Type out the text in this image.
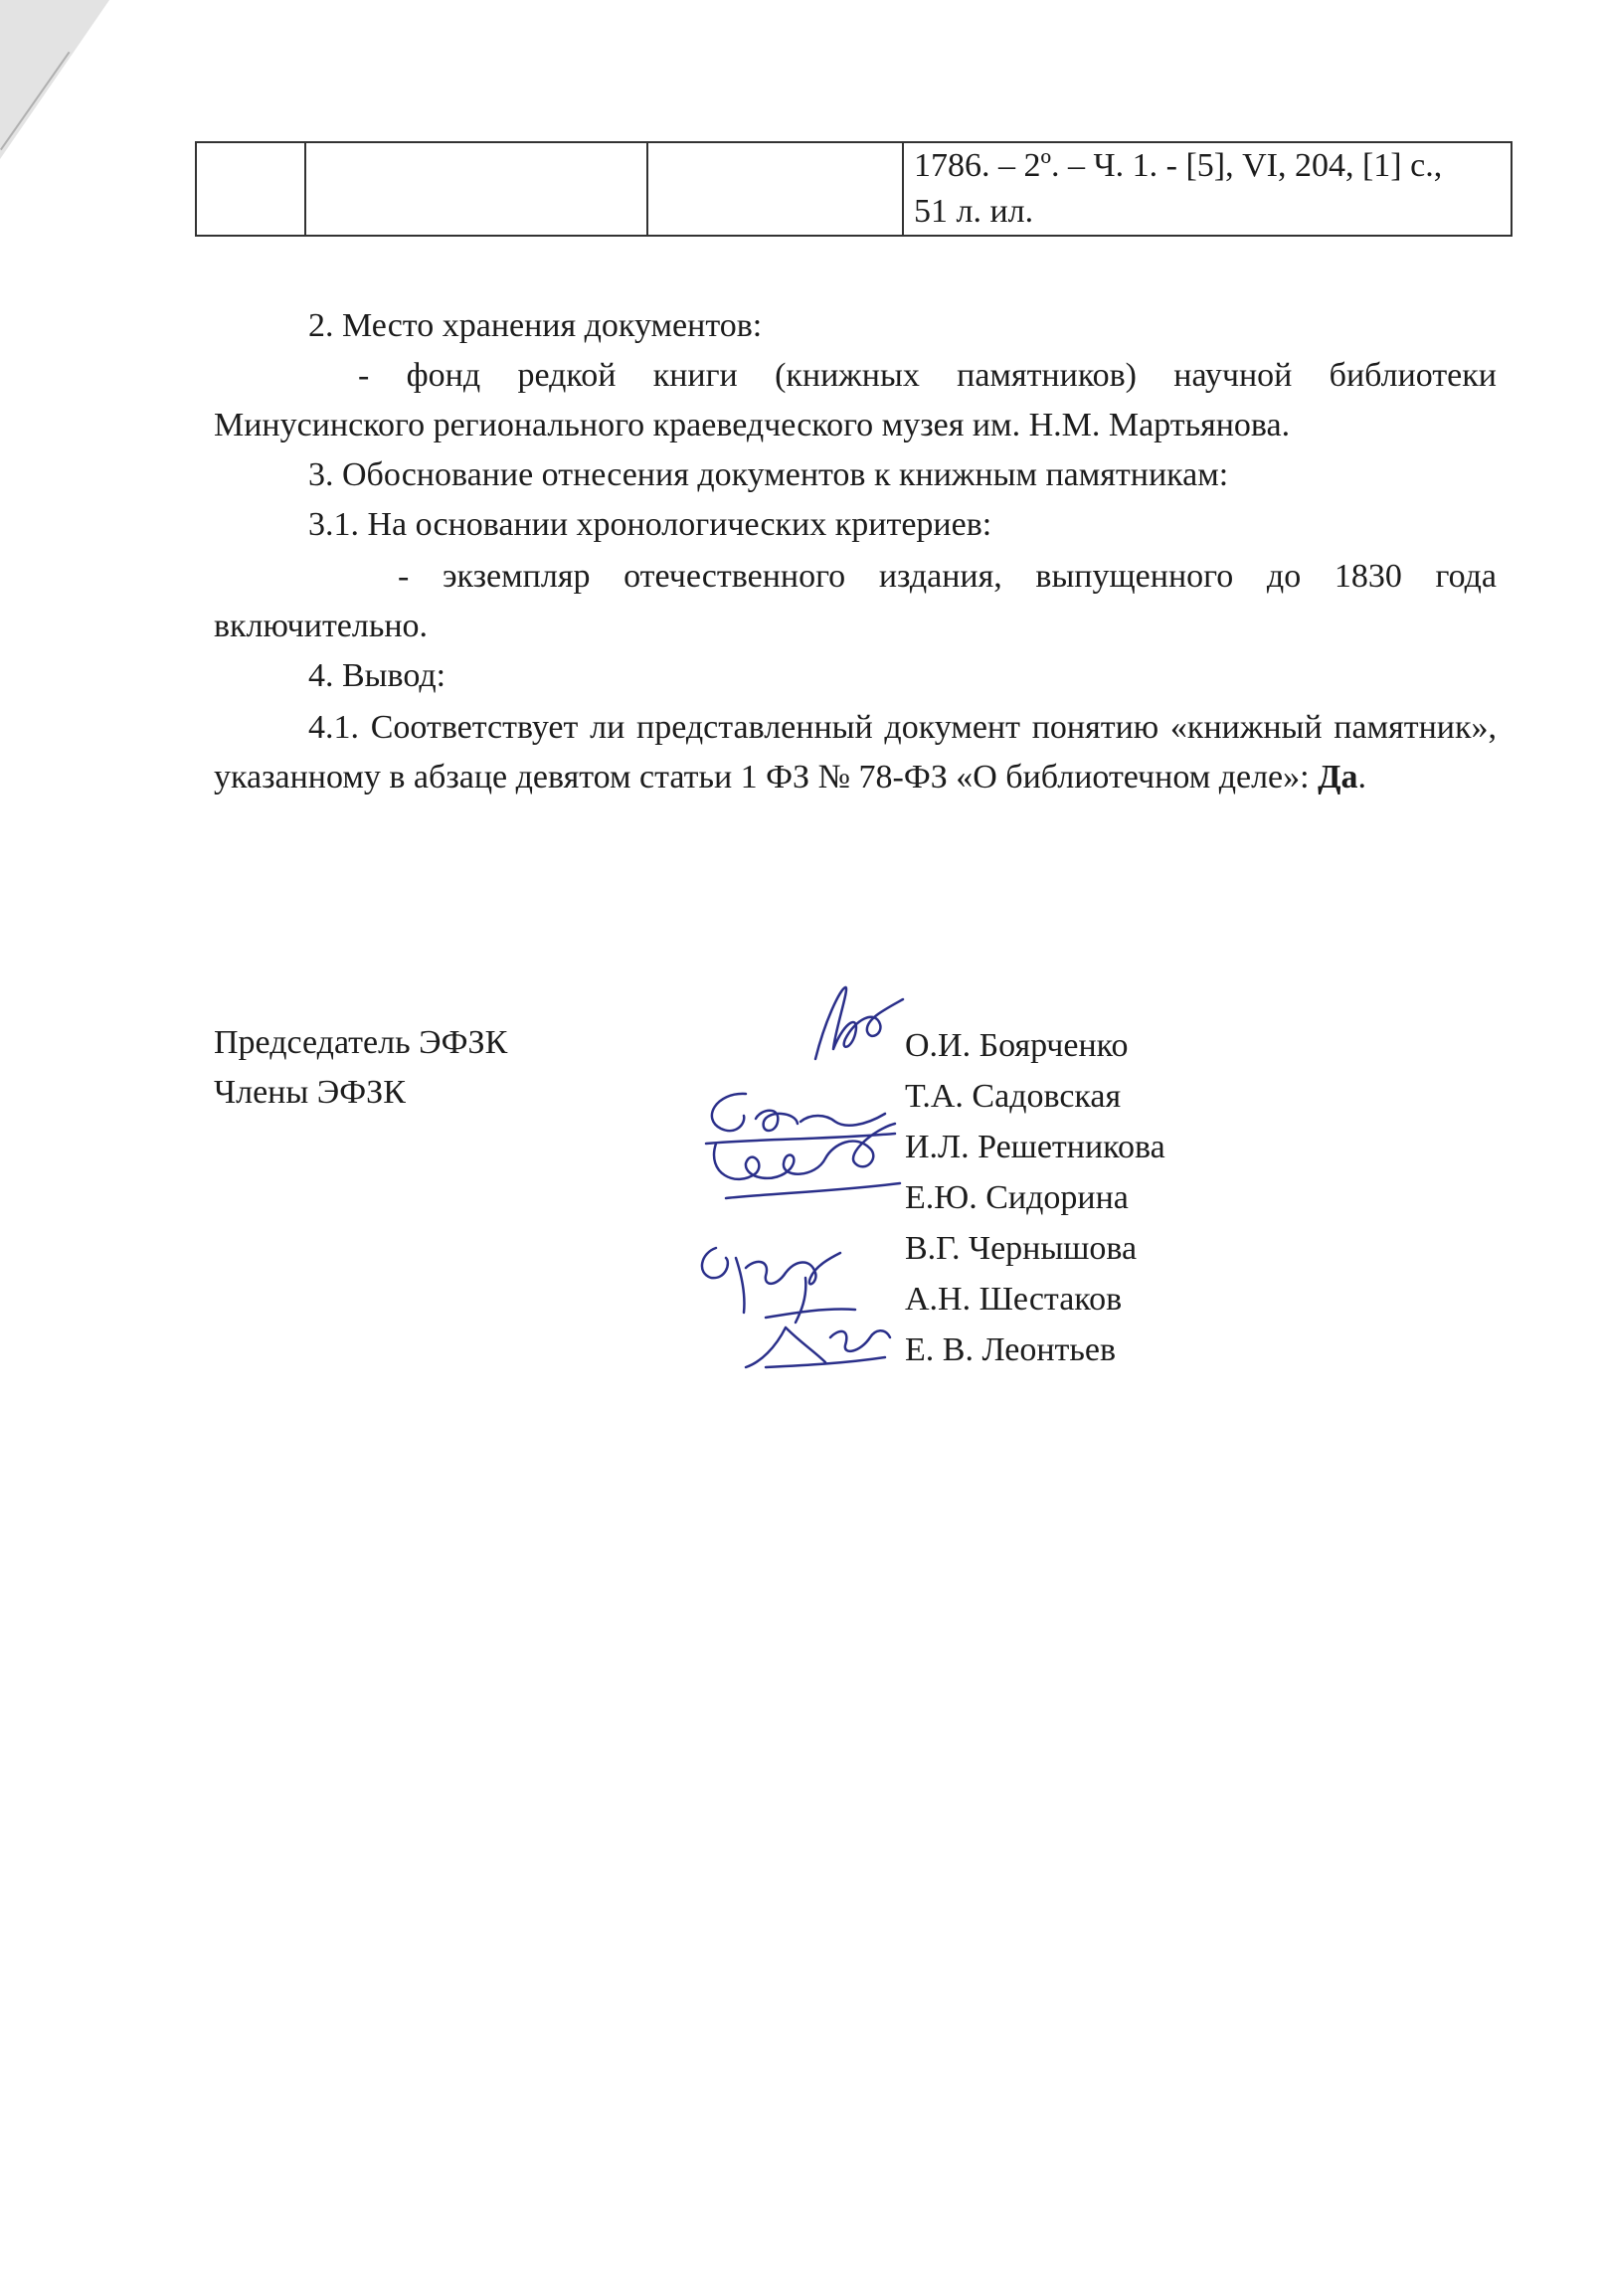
1786. – 2º. – Ч. 1. - [5], VI, 204, [1] с.,
51 л. ил.

2. Место хранения документов:

- фонд редкой книги (книжных памятников) научной библиотеки Минусинского регионального краеведческого музея им. Н.М. Мартьянова.

3. Обоснование отнесения документов к книжным памятникам:

3.1. На основании хронологических критериев:

- экземпляр отечественного издания, выпущенного до 1830 года включительно.

4. Вывод:

4.1. Соответствует ли представленный документ понятию «книжный памятник», указанному в абзаце девятом статьи 1 ФЗ № 78-ФЗ «О библиотечном деле»: Да.

Председатель ЭФЗК
Члены ЭФЗК
О.И. Боярченко
Т.А. Садовская
И.Л. Решетникова
Е.Ю. Сидорина
В.Г. Чернышова
А.Н. Шестаков
Е. В. Леонтьев
